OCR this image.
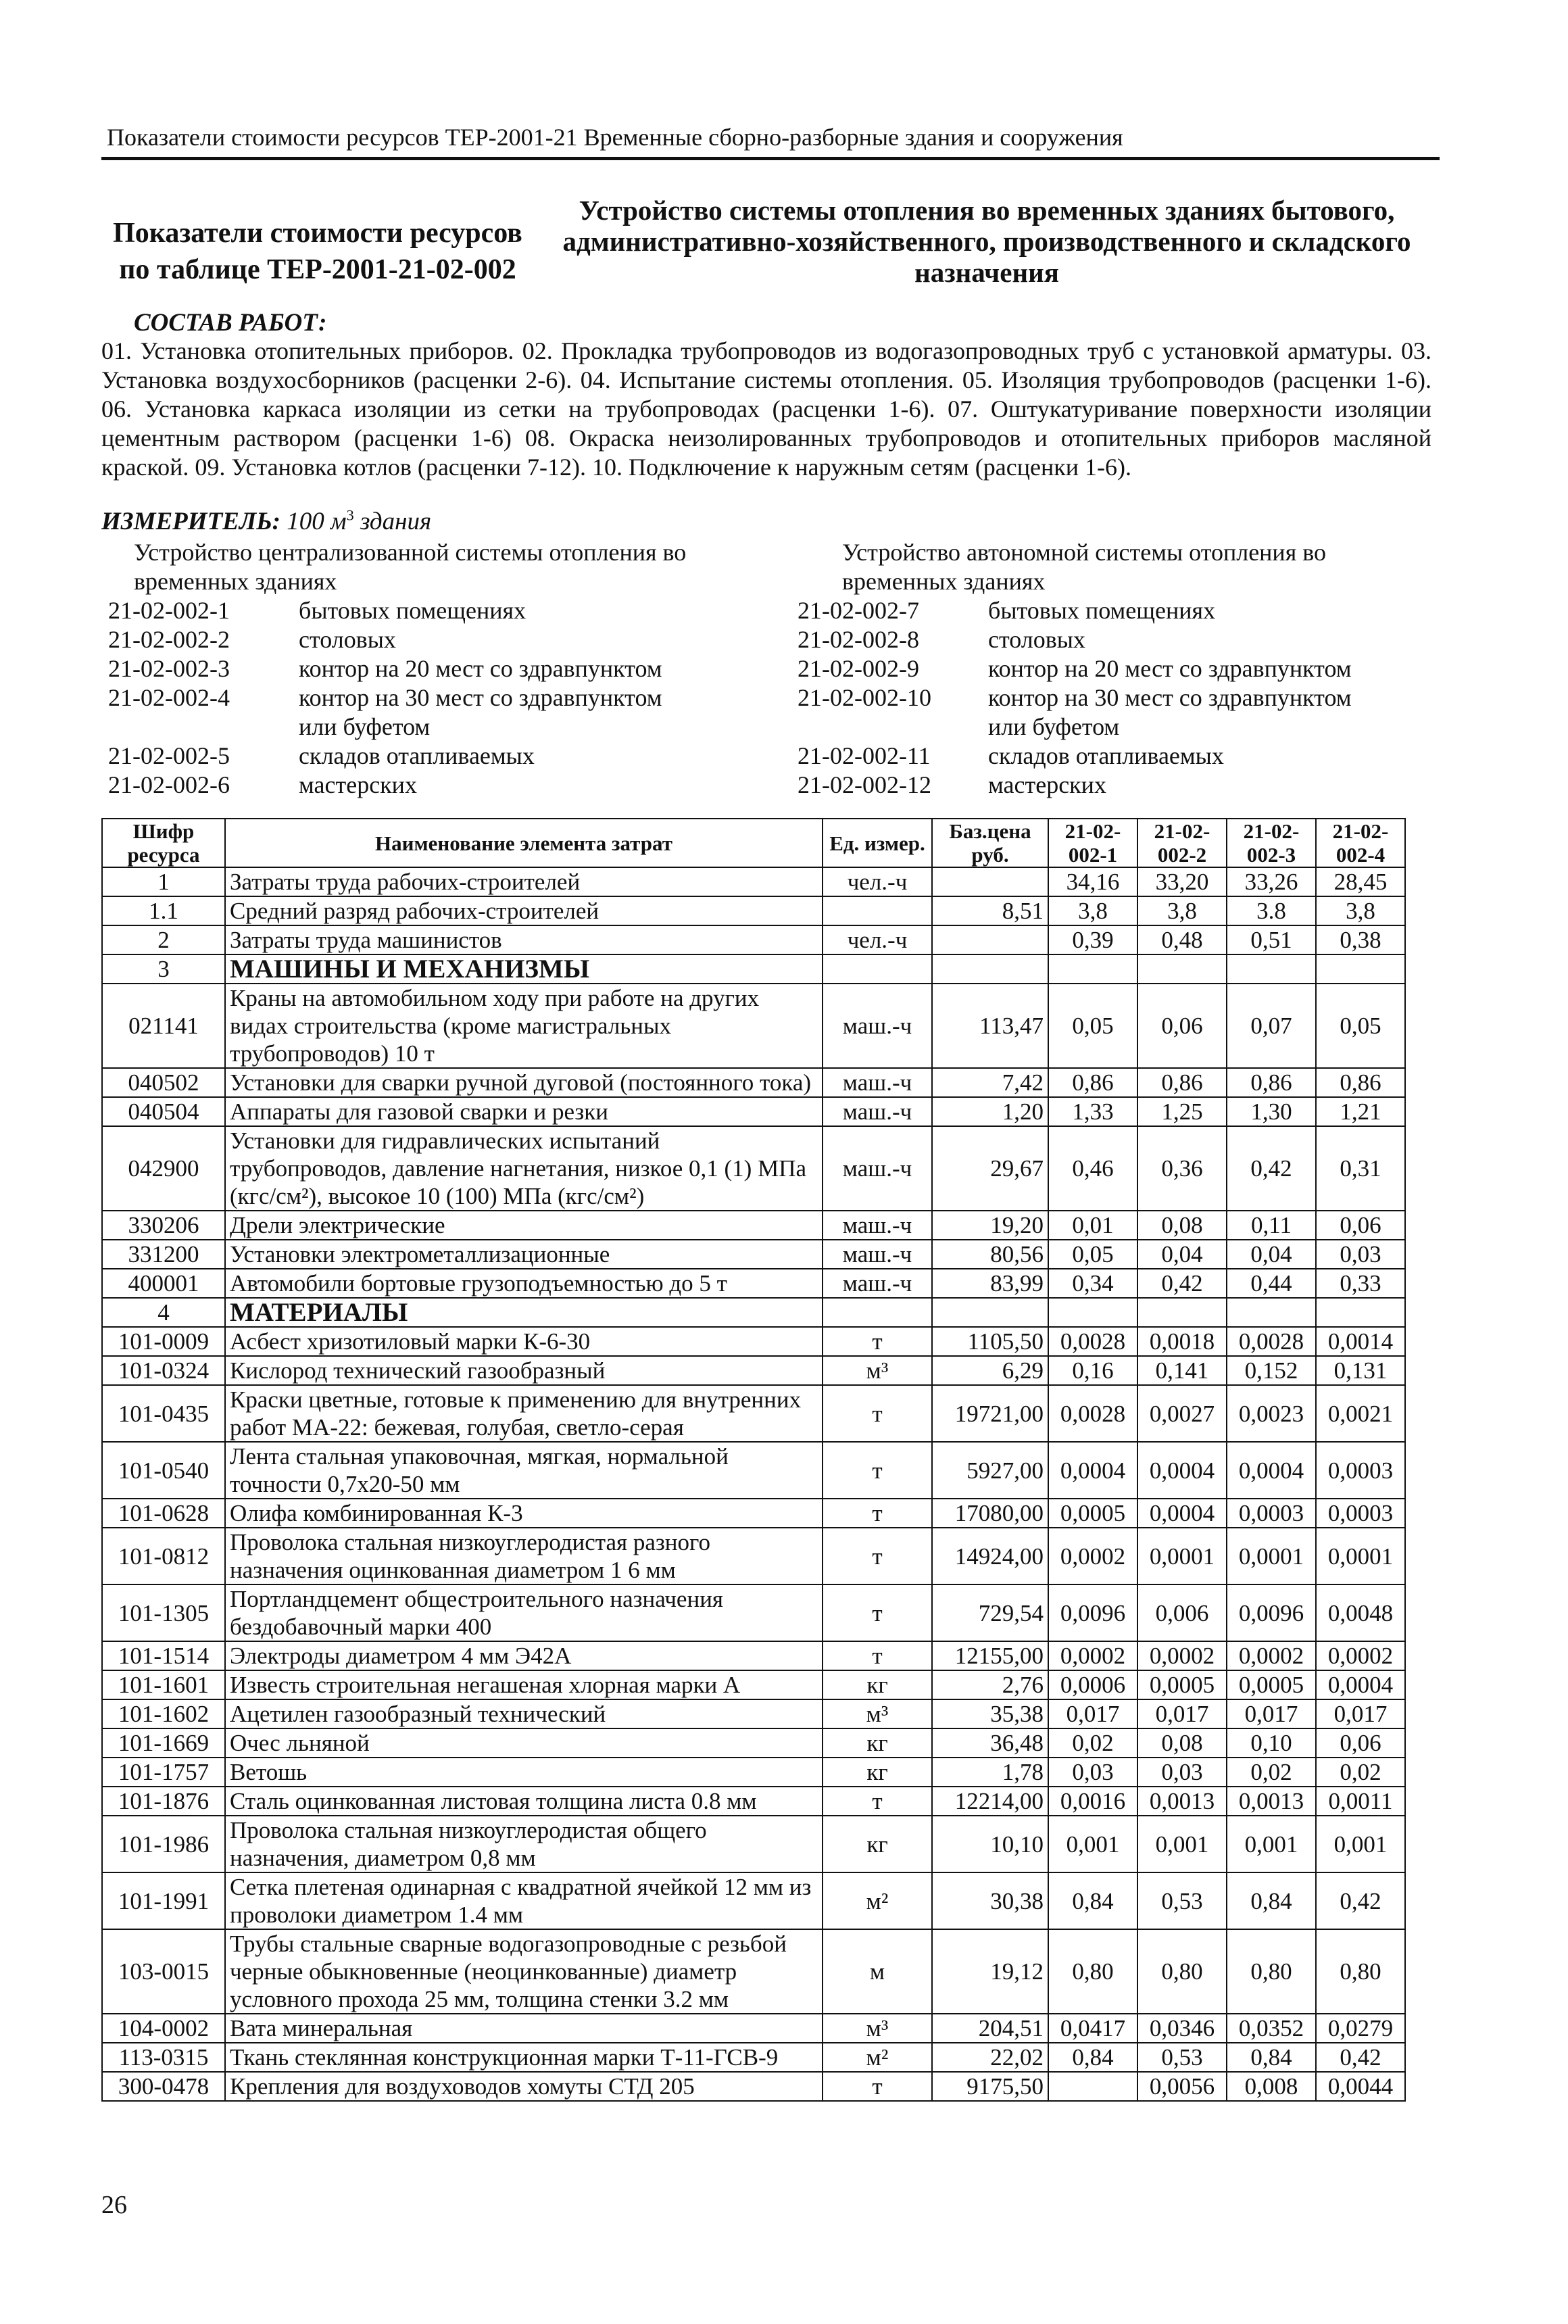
Показатели стоимости ресурсов ТЕР-2001-21 Временные сборно-разборные здания и сооружения
Показатели стоимости ресурсов
по таблице ТЕР-2001-21-02-002
Устройство системы отопления во временных зданиях бытового, административно-хозяйственного, производственного и складского назначения
СОСТАВ РАБОТ:
01. Установка отопительных приборов. 02. Прокладка трубопроводов из водогазопроводных труб с установкой арматуры. 03. Установка воздухосборников (расценки 2-6). 04. Испытание системы отопления. 05. Изоляция трубопроводов (расценки 1-6). 06. Установка каркаса изоляции из сетки на трубопроводах (расценки 1-6). 07. Оштукатуривание поверхности изоляции цементным раствором (расценки 1-6) 08. Окраска неизолированных трубопроводов и отопительных приборов масляной краской. 09. Установка котлов (расценки 7-12). 10. Подключение к наружным сетям (расценки 1-6).
ИЗМЕРИТЕЛЬ: 100 $м^3$ здания
Устройство централизованной системы отопления во временных зданиях
Устройство автономной системы отопления во временных зданиях
21-02-002-1	бытовых помещениях
21-02-002-2	столовых
21-02-002-3	контор на 20 мест со здравпунктом
21-02-002-4	контор на 30 мест со здравпунктом или буфетом
21-02-002-5	складов отапливаемых
21-02-002-6	мастерских
21-02-002-7	бытовых помещениях
21-02-002-8	столовых
21-02-002-9	контор на 20 мест со здравпунктом
21-02-002-10 контор на 30 мест со здравпунктом или буфетом
21-02-002-11 складов отапливаемых
21-02-002-12 мастерских
Шифр ресурса	Наименование элемента затрат	Ед. измер.	Баз.цена руб.	21-02-002-1	21-02-002-2	21-02-002-3	21-02-002-4
1	Затраты труда рабочих-строителей	чел.-ч		34,16	33,20	33,26	28,45
1.1	Средний разряд рабочих-строителей		8,51	3,8	3,8	3.8	3,8
2	Затраты труда машинистов	чел.-ч		0,39	0,48	0,51	0,38
3	МАШИНЫ И МЕХАНИЗМЫ						
021141	Краны на автомобильном ходу при работе на других видах строительства (кроме магистральных трубопроводов) 10 т	маш.-ч	113,47	0,05	0,06	0,07	0,05
040502	Установки для сварки ручной дуговой (постоянного тока)	маш.-ч	7,42	0,86	0,86	0,86	0,86
040504	Аппараты для газовой сварки и резки	маш.-ч	1,20	1,33	1,25	1,30	1,21
042900	Установки для гидравлических испытаний трубопроводов, давление нагнетания, низкое 0,1 (1) МПа (кгс/см²), высокое 10 (100) МПа (кгс/см²)	маш.-ч	29,67	0,46	0,36	0,42	0,31
330206	Дрели электрические	маш.-ч	19,20	0,01	0,08	0,11	0,06
331200	Установки электрометаллизационные	маш.-ч	80,56	0,05	0,04	0,04	0,03
400001	Автомобили бортовые грузоподъемностью до 5 т	маш.-ч	83,99	0,34	0,42	0,44	0,33
4	МАТЕРИАЛЫ						
101-0009	Асбест хризотиловый марки К-6-30	т	1105,50	0,0028	0,0018	0,0028	0,0014
101-0324	Кислород технический газообразный	м³	6,29	0,16	0,141	0,152	0,131
101-0435	Краски цветные, готовые к применению для внутренних работ МА-22: бежевая, голубая, светло-серая	т	19721,00	0,0028	0,0027	0,0023	0,0021
101-0540	Лента стальная упаковочная, мягкая, нормальной точности 0,7х20-50 мм	т	5927,00	0,0004	0,0004	0,0004	0,0003
101-0628	Олифа комбинированная К-3	т	17080,00	0,0005	0,0004	0,0003	0,0003
101-0812	Проволока стальная низкоуглеродистая разного назначения оцинкованная диаметром 1 6 мм	т	14924,00	0,0002	0,0001	0,0001	0,0001
101-1305	Портландцемент общестроительного назначения бездобавочный марки 400	т	729,54	0,0096	0,006	0,0096	0,0048
101-1514	Электроды диаметром 4 мм Э42А	т	12155,00	0,0002	0,0002	0,0002	0,0002
101-1601	Известь строительная негашеная хлорная марки А	кг	2,76	0,0006	0,0005	0,0005	0,0004
101-1602	Ацетилен газообразный технический	м³	35,38	0,017	0,017	0,017	0,017
101-1669	Очес льняной	кг	36,48	0,02	0,08	0,10	0,06
101-1757	Ветошь	кг	1,78	0,03	0,03	0,02	0,02
101-1876	Сталь оцинкованная листовая толщина листа 0.8 мм	т	12214,00	0,0016	0,0013	0,0013	0,0011
101-1986	Проволока стальная низкоуглеродистая общего назначения, диаметром 0,8 мм	кг	10,10	0,001	0,001	0,001	0,001
101-1991	Сетка плетеная одинарная с квадратной ячейкой 12 мм из проволоки диаметром 1.4 мм	м²	30,38	0,84	0,53	0,84	0,42
103-0015	Трубы стальные сварные водогазопроводные с резьбой черные обыкновенные (неоцинкованные) диаметр условного прохода 25 мм, толщина стенки 3.2 мм	м	19,12	0,80	0,80	0,80	0,80
104-0002	Вата минеральная	м³	204,51	0,0417	0,0346	0,0352	0,0279
113-0315	Ткань стеклянная конструкционная марки Т-11-ГСВ-9	м²	22,02	0,84	0,53	0,84	0,42
300-0478	Крепления для воздуховодов хомуты СТД 205	т	9175,50		0,0056	0,008	0,0044
26
